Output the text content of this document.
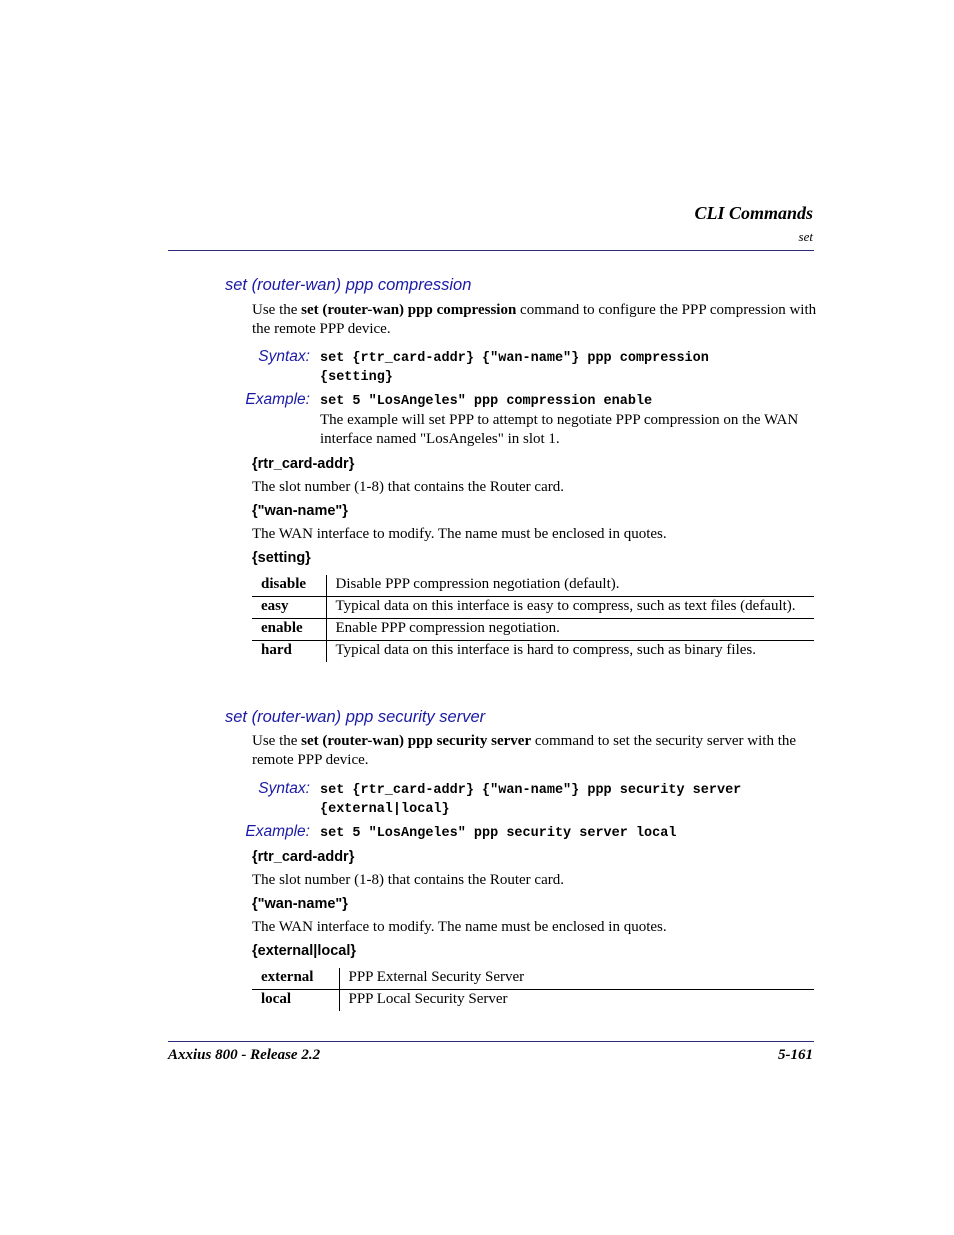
CLI Commands
set
set (router-wan) ppp compression
Use the set (router-wan) ppp compression command to configure the PPP compression with the remote PPP device.
Syntax: set {rtr_card-addr} {"wan-name"} ppp compression
{setting}
Example: set 5 "LosAngeles" ppp compression enable
The example will set PPP to attempt to negotiate PPP compression on the WAN interface named "LosAngeles" in slot 1.
{rtr_card-addr}
The slot number (1-8) that contains the Router card.
{"wan-name"}
The WAN interface to modify. The name must be enclosed in quotes.
{setting}
disable	Disable PPP compression negotiation (default).
easy	Typical data on this interface is easy to compress, such as text files (default).
enable	Enable PPP compression negotiation.
hard	Typical data on this interface is hard to compress, such as binary files.
set (router-wan) ppp security server
Use the set (router-wan) ppp security server command to set the security server with the remote PPP device.
Syntax: set {rtr_card-addr} {"wan-name"} ppp security server
{external|local}
Example: set 5 "LosAngeles" ppp security server local
{rtr_card-addr}
The slot number (1-8) that contains the Router card.
{"wan-name"}
The WAN interface to modify. The name must be enclosed in quotes.
{external|local}
external	PPP External Security Server
local	PPP Local Security Server
Axxius 800 - Release 2.2	5-161
